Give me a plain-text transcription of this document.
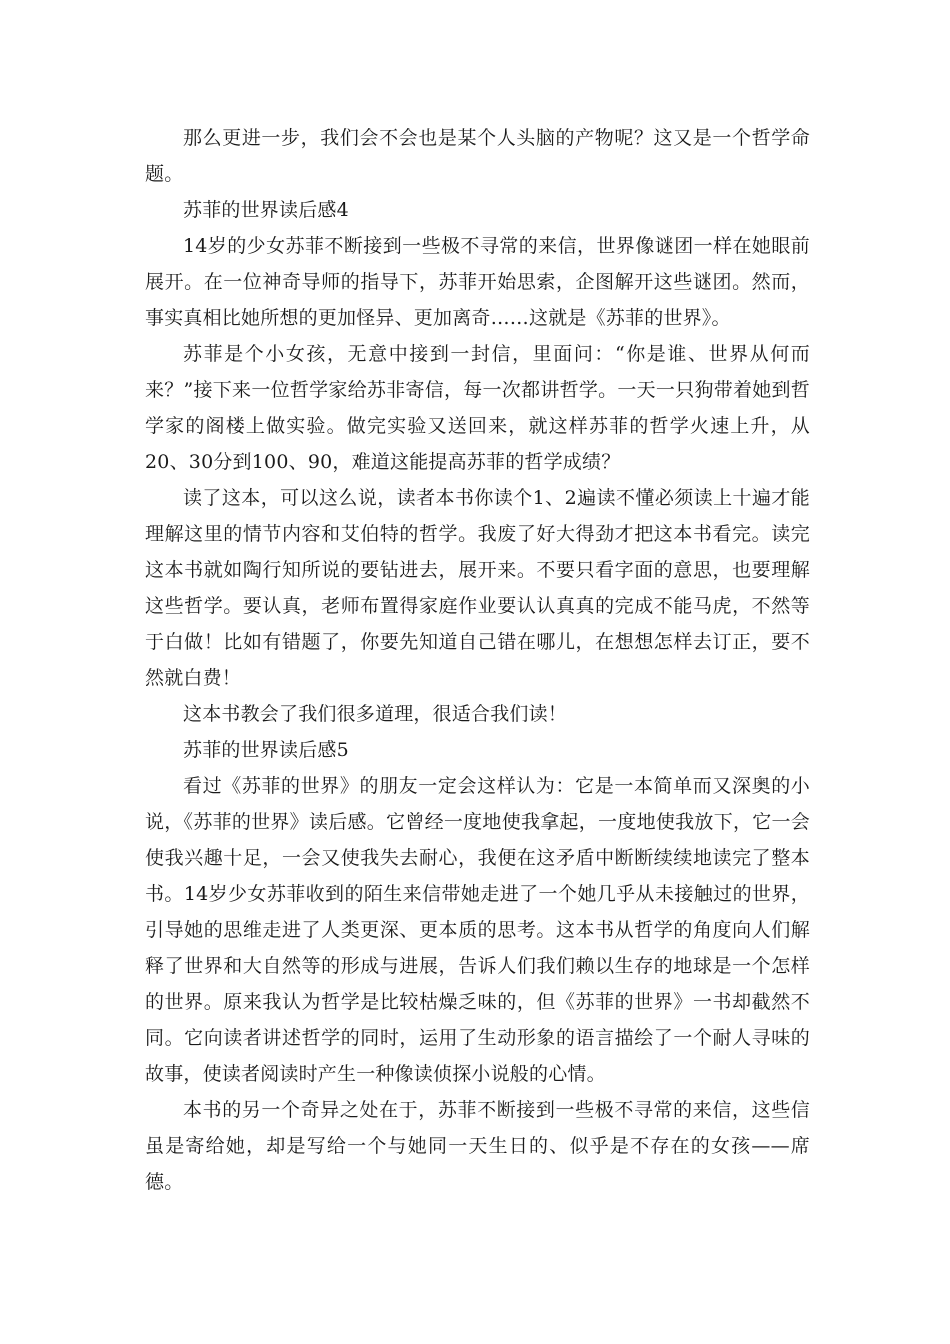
那么更进一步，我们会不会也是某个人头脑的产物呢？这又是一个哲学命题。

苏菲的世界读后感4

14岁的少女苏菲不断接到一些极不寻常的来信，世界像谜团一样在她眼前展开。在一位神奇导师的指导下，苏菲开始思索，企图解开这些谜团。然而，事实真相比她所想的更加怪异、更加离奇……这就是《苏菲的世界》。

苏菲是个小女孩，无意中接到一封信，里面问：“你是谁、世界从何而来？”接下来一位哲学家给苏非寄信，每一次都讲哲学。一天一只狗带着她到哲学家的阁楼上做实验。做完实验又送回来，就这样苏菲的哲学火速上升，从20、30分到100、90，难道这能提高苏菲的哲学成绩？

读了这本，可以这么说，读者本书你读个1、2遍读不懂必须读上十遍才能理解这里的情节内容和艾伯特的哲学。我废了好大得劲才把这本书看完。读完这本书就如陶行知所说的要钻进去，展开来。不要只看字面的意思，也要理解这些哲学。要认真，老师布置得家庭作业要认认真真的完成不能马虎，不然等于白做！比如有错题了，你要先知道自己错在哪儿，在想想怎样去订正，要不然就白费！

这本书教会了我们很多道理，很适合我们读！

苏菲的世界读后感5

看过《苏菲的世界》的朋友一定会这样认为：它是一本简单而又深奥的小说，《苏菲的世界》读后感。它曾经一度地使我拿起，一度地使我放下，它一会使我兴趣十足，一会又使我失去耐心，我便在这矛盾中断断续续地读完了整本书。14岁少女苏菲收到的陌生来信带她走进了一个她几乎从未接触过的世界，引导她的思维走进了人类更深、更本质的思考。这本书从哲学的角度向人们解释了世界和大自然等的形成与进展，告诉人们我们赖以生存的地球是一个怎样的世界。原来我认为哲学是比较枯燥乏味的，但《苏菲的世界》一书却截然不同。它向读者讲述哲学的同时，运用了生动形象的语言描绘了一个耐人寻味的故事，使读者阅读时产生一种像读侦探小说般的心情。

本书的另一个奇异之处在于，苏菲不断接到一些极不寻常的来信，这些信虽是寄给她，却是写给一个与她同一天生日的、似乎是不存在的女孩——席德。
